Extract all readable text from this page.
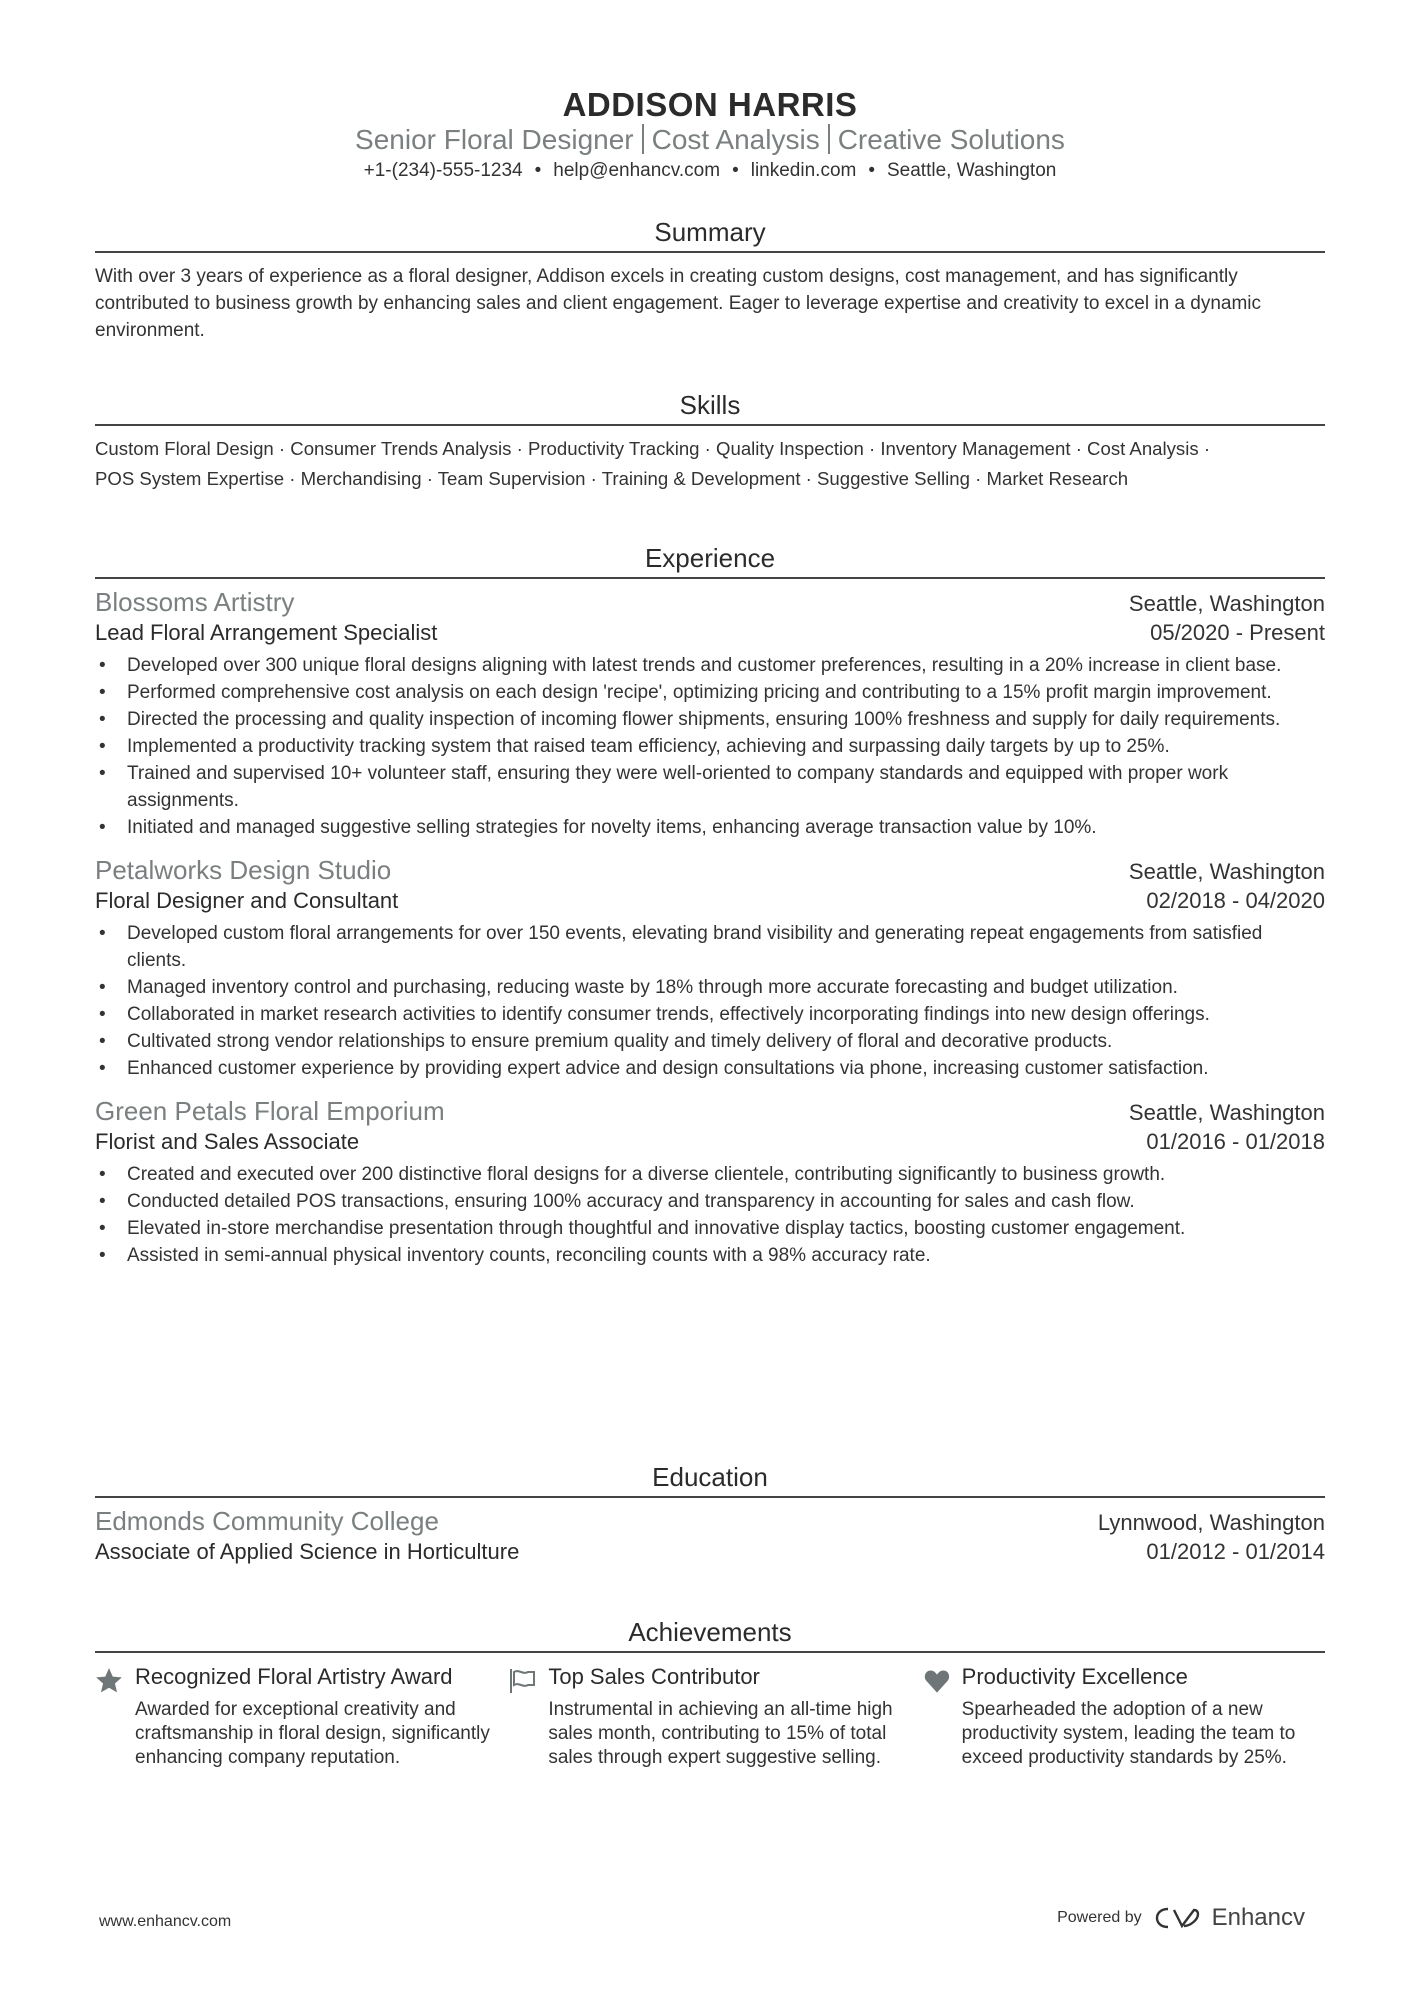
ADDISON HARRIS
Senior Floral Designer Cost Analysis Creative Solutions
+1-(234)-555-1234 • help@enhancv.com • linkedin.com • Seattle, Washington
Summary
With over 3 years of experience as a floral designer, Addison excels in creating custom designs, cost management, and has significantly contributed to business growth by enhancing sales and client engagement. Eager to leverage expertise and creativity to excel in a dynamic environment.
Skills
Custom Floral Design · Consumer Trends Analysis · Productivity Tracking · Quality Inspection · Inventory Management · Cost Analysis ·
POS System Expertise · Merchandising · Team Supervision · Training & Development · Suggestive Selling · Market Research
Experience
Blossoms Artistry	Seattle, Washington
Lead Floral Arrangement Specialist	05/2020 - Present
• Developed over 300 unique floral designs aligning with latest trends and customer preferences, resulting in a 20% increase in client base.
• Performed comprehensive cost analysis on each design 'recipe', optimizing pricing and contributing to a 15% profit margin improvement.
• Directed the processing and quality inspection of incoming flower shipments, ensuring 100% freshness and supply for daily requirements.
• Implemented a productivity tracking system that raised team efficiency, achieving and surpassing daily targets by up to 25%.
• Trained and supervised 10+ volunteer staff, ensuring they were well-oriented to company standards and equipped with proper work assignments.
• Initiated and managed suggestive selling strategies for novelty items, enhancing average transaction value by 10%.
Petalworks Design Studio	Seattle, Washington
Floral Designer and Consultant	02/2018 - 04/2020
• Developed custom floral arrangements for over 150 events, elevating brand visibility and generating repeat engagements from satisfied clients.
• Managed inventory control and purchasing, reducing waste by 18% through more accurate forecasting and budget utilization.
• Collaborated in market research activities to identify consumer trends, effectively incorporating findings into new design offerings.
• Cultivated strong vendor relationships to ensure premium quality and timely delivery of floral and decorative products.
• Enhanced customer experience by providing expert advice and design consultations via phone, increasing customer satisfaction.
Green Petals Floral Emporium	Seattle, Washington
Florist and Sales Associate	01/2016 - 01/2018
• Created and executed over 200 distinctive floral designs for a diverse clientele, contributing significantly to business growth.
• Conducted detailed POS transactions, ensuring 100% accuracy and transparency in accounting for sales and cash flow.
• Elevated in-store merchandise presentation through thoughtful and innovative display tactics, boosting customer engagement.
• Assisted in semi-annual physical inventory counts, reconciling counts with a 98% accuracy rate.
Education
Edmonds Community College	Lynnwood, Washington
Associate of Applied Science in Horticulture	01/2012 - 01/2014
Achievements
Recognized Floral Artistry Award
Awarded for exceptional creativity and craftsmanship in floral design, significantly enhancing company reputation.
Top Sales Contributor
Instrumental in achieving an all-time high sales month, contributing to 15% of total sales through expert suggestive selling.
Productivity Excellence
Spearheaded the adoption of a new productivity system, leading the team to exceed productivity standards by 25%.
www.enhancv.com	Powered by	Enhancv
